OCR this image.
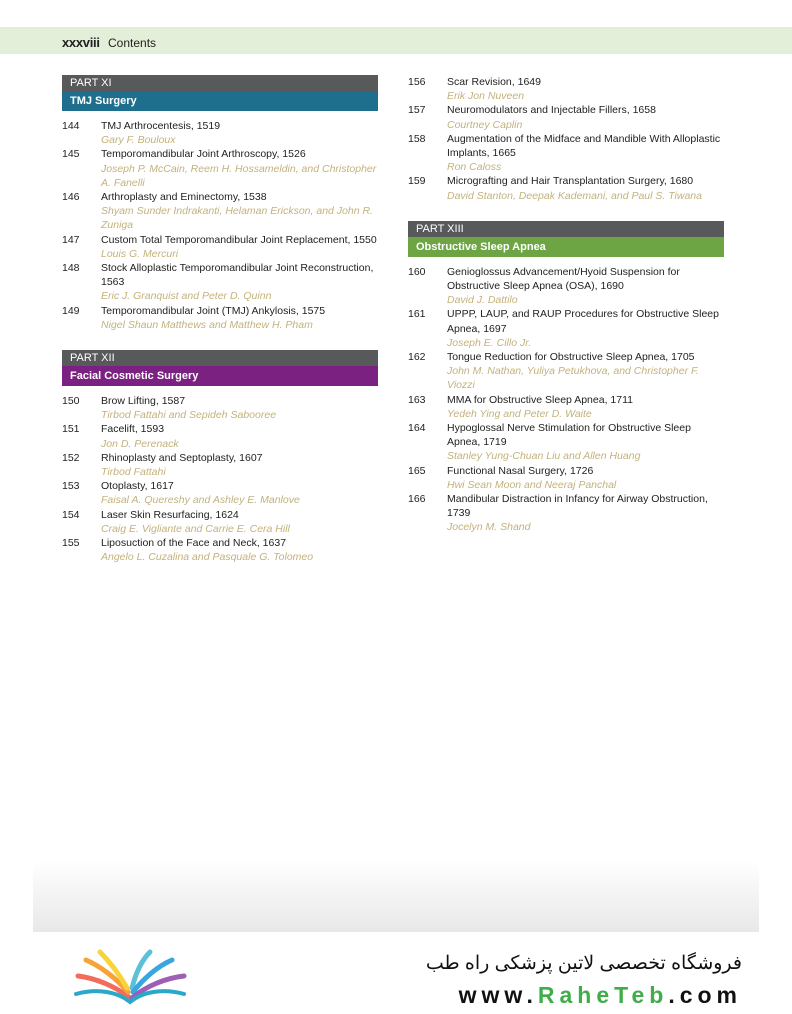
xxxviii Contents
PART XI
TMJ Surgery
144	TMJ Arthrocentesis, 1519
Gary F. Bouloux
145	Temporomandibular Joint Arthroscopy, 1526
Joseph P. McCain, Reem H. Hossameldin, and Christopher A. Fanelli
146	Arthroplasty and Eminectomy, 1538
Shyam Sunder Indrakanti, Helaman Erickson, and John R. Zuniga
147	Custom Total Temporomandibular Joint Replacement, 1550
Louis G. Mercuri
148	Stock Alloplastic Temporomandibular Joint Reconstruction, 1563
Eric J. Granquist and Peter D. Quinn
149	Temporomandibular Joint (TMJ) Ankylosis, 1575
Nigel Shaun Matthews and Matthew H. Pham
PART XII
Facial Cosmetic Surgery
150	Brow Lifting, 1587
Tirbod Fattahi and Sepideh Sabooree
151	Facelift, 1593
Jon D. Perenack
152	Rhinoplasty and Septoplasty, 1607
Tirbod Fattahi
153	Otoplasty, 1617
Faisal A. Quereshy and Ashley E. Manlove
154	Laser Skin Resurfacing, 1624
Craig E. Vigliante and Carrie E. Cera Hill
155	Liposuction of the Face and Neck, 1637
Angelo L. Cuzalina and Pasquale G. Tolomeo
156	Scar Revision, 1649
Erik Jon Nuveen
157	Neuromodulators and Injectable Fillers, 1658
Courtney Caplin
158	Augmentation of the Midface and Mandible With Alloplastic Implants, 1665
Ron Caloss
159	Micrografting and Hair Transplantation Surgery, 1680
David Stanton, Deepak Kademani, and Paul S. Tiwana
PART XIII
Obstructive Sleep Apnea
160	Genioglossus Advancement/Hyoid Suspension for Obstructive Sleep Apnea (OSA), 1690
David J. Dattilo
161	UPPP, LAUP, and RAUP Procedures for Obstructive Sleep Apnea, 1697
Joseph E. Cillo Jr.
162	Tongue Reduction for Obstructive Sleep Apnea, 1705
John M. Nathan, Yuliya Petukhova, and Christopher F. Viozzi
163	MMA for Obstructive Sleep Apnea, 1711
Yedeh Ying and Peter D. Waite
164	Hypoglossal Nerve Stimulation for Obstructive Sleep Apnea, 1719
Stanley Yung-Chuan Liu and Allen Huang
165	Functional Nasal Surgery, 1726
Hwi Sean Moon and Neeraj Panchal
166	Mandibular Distraction in Infancy for Airway Obstruction, 1739
Jocelyn M. Shand
فروشگاه تخصصی لاتین پزشکی راه طب
www.RaheTeb.com
